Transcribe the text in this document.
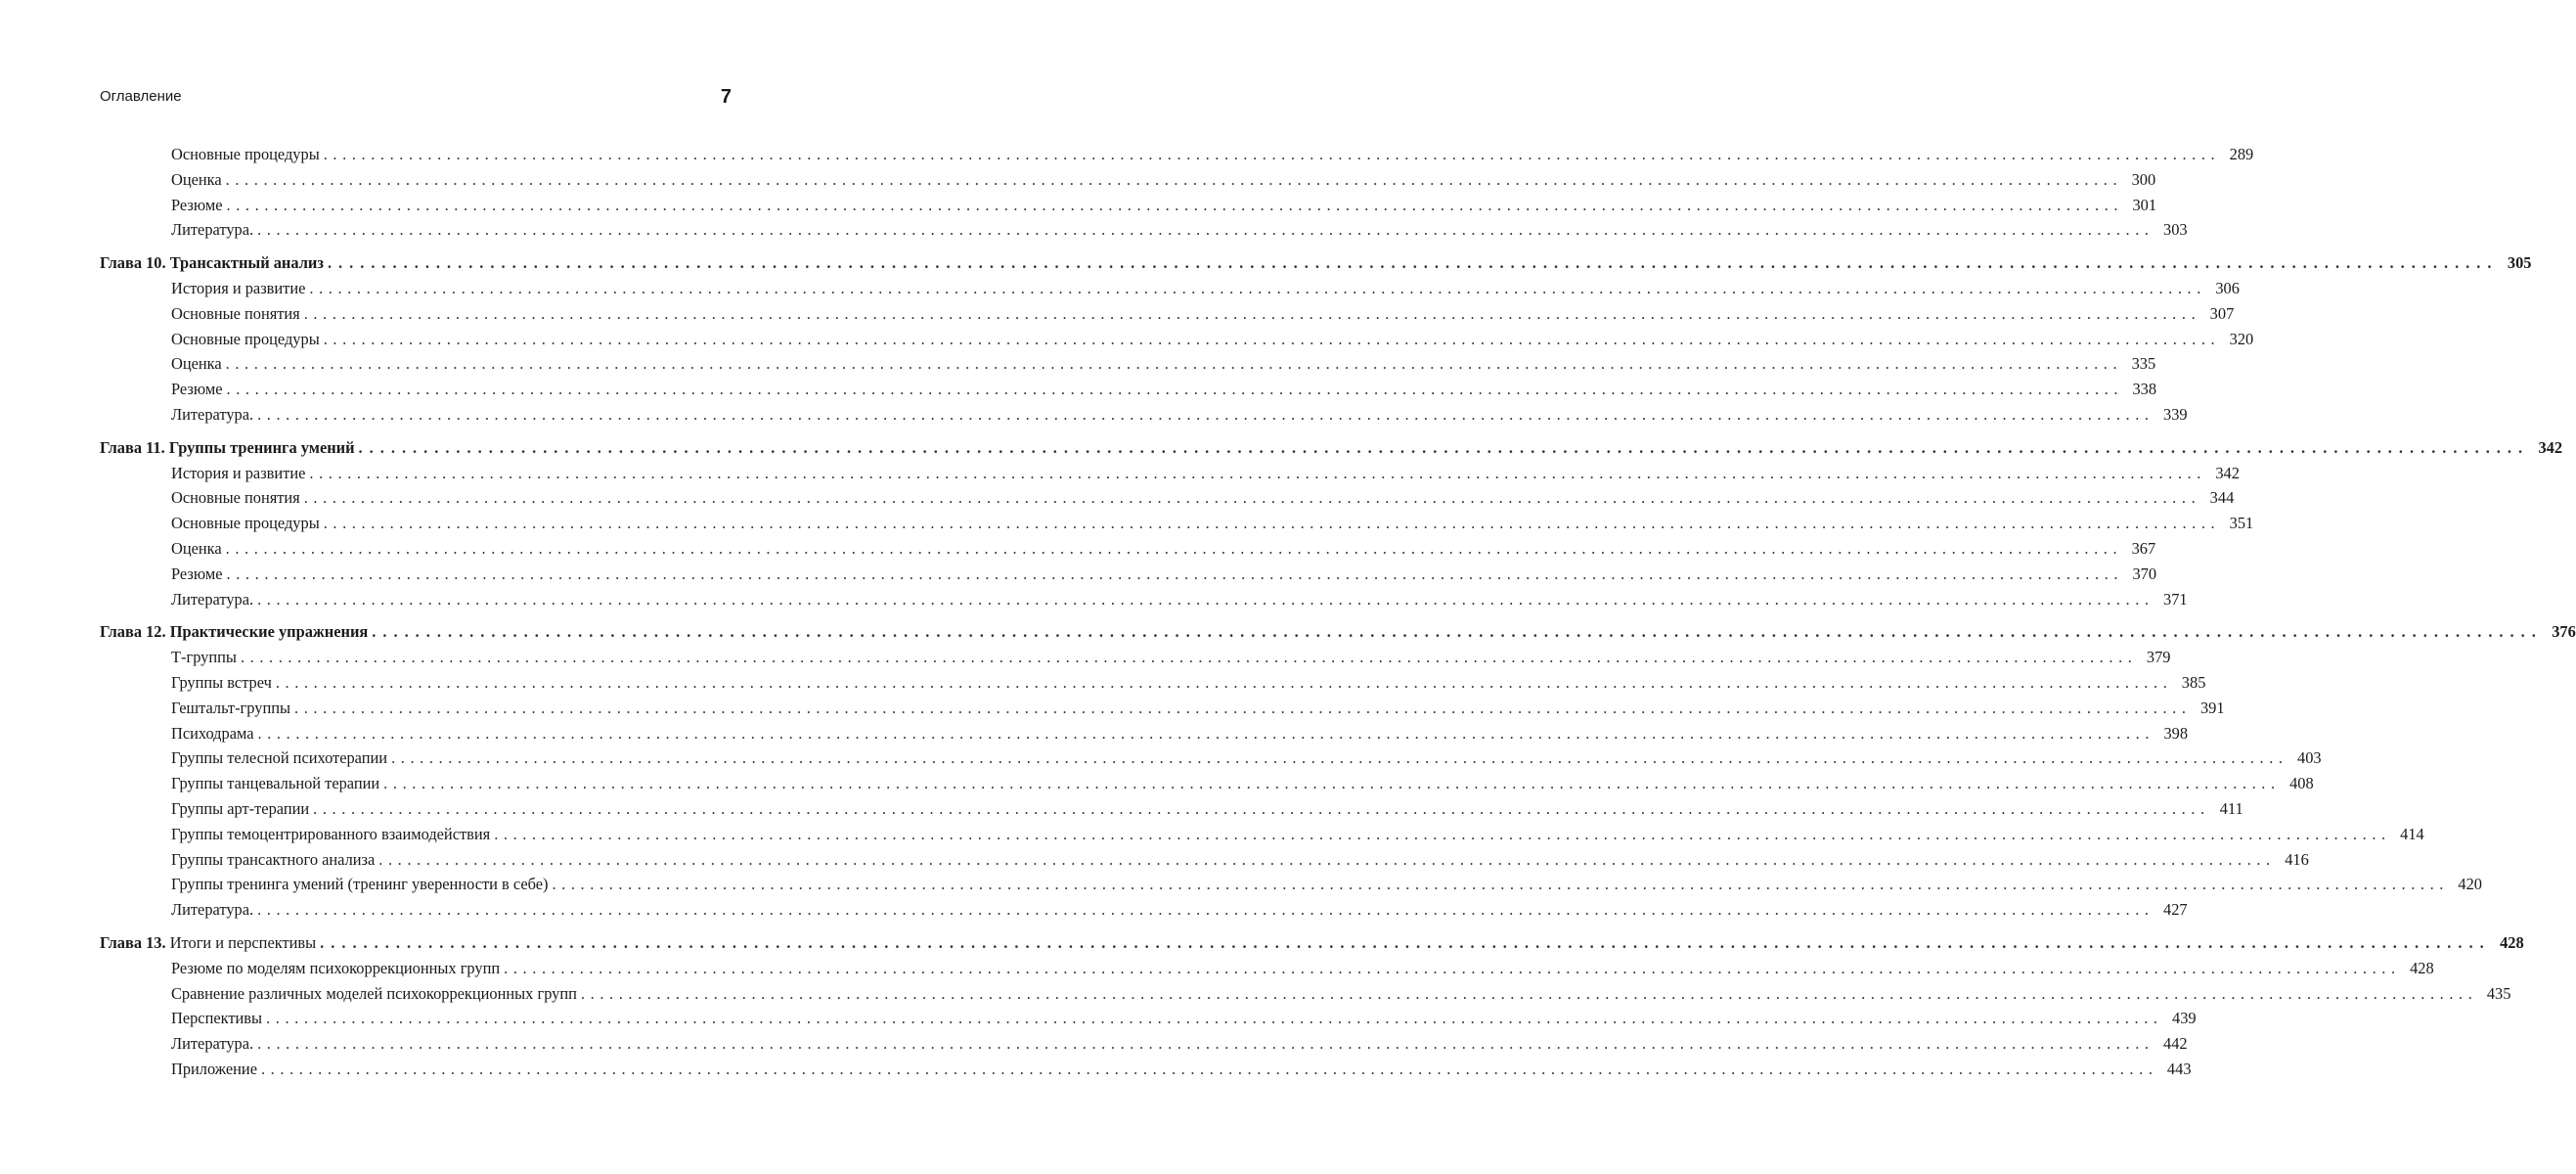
Оглавление	7
Основные процедуры ........................................................................................................................................................................................................ 289
Оценка ........................................................................................................................................................................................................ 300
Резюме ........................................................................................................................................................................................................ 301
Литература. ........................................................................................................................................................................................................ 303
Глава 10. Трансактный анализ ........................................................................................................................................................................................................ 305
История и развитие ........................................................................................................................................................................................................ 306
Основные понятия ........................................................................................................................................................................................................ 307
Основные процедуры ........................................................................................................................................................................................................ 320
Оценка ........................................................................................................................................................................................................ 335
Резюме ........................................................................................................................................................................................................ 338
Литература. ........................................................................................................................................................................................................ 339
Глава 11. Группы тренинга умений ........................................................................................................................................................................................................ 342
История и развитие ........................................................................................................................................................................................................ 342
Основные понятия ........................................................................................................................................................................................................ 344
Основные процедуры ........................................................................................................................................................................................................ 351
Оценка ........................................................................................................................................................................................................ 367
Резюме ........................................................................................................................................................................................................ 370
Литература. ........................................................................................................................................................................................................ 371
Глава 12. Практические упражнения ........................................................................................................................................................................................................ 376
Т-группы ........................................................................................................................................................................................................ 379
Группы встреч ........................................................................................................................................................................................................ 385
Гештальт-группы ........................................................................................................................................................................................................ 391
Психодрама ........................................................................................................................................................................................................ 398
Группы телесной психотерапии ........................................................................................................................................................................................................ 403
Группы танцевальной терапии ........................................................................................................................................................................................................ 408
Группы арт-терапии ........................................................................................................................................................................................................ 411
Группы темоцентрированного взаимодействия ........................................................................................................................................................................................................ 414
Группы трансактного анализа ........................................................................................................................................................................................................ 416
Группы тренинга умений (тренинг уверенности в себе) ........................................................................................................................................................................................................ 420
Литература. ........................................................................................................................................................................................................ 427
Глава 13. Итоги и перспективы ........................................................................................................................................................................................................ 428
Резюме по моделям психокоррекционных групп ........................................................................................................................................................................................................ 428
Сравнение различных моделей психокоррекционных групп ........................................................................................................................................................................................................ 435
Перспективы ........................................................................................................................................................................................................ 439
Литература. ........................................................................................................................................................................................................ 442
Приложение ........................................................................................................................................................................................................ 443
